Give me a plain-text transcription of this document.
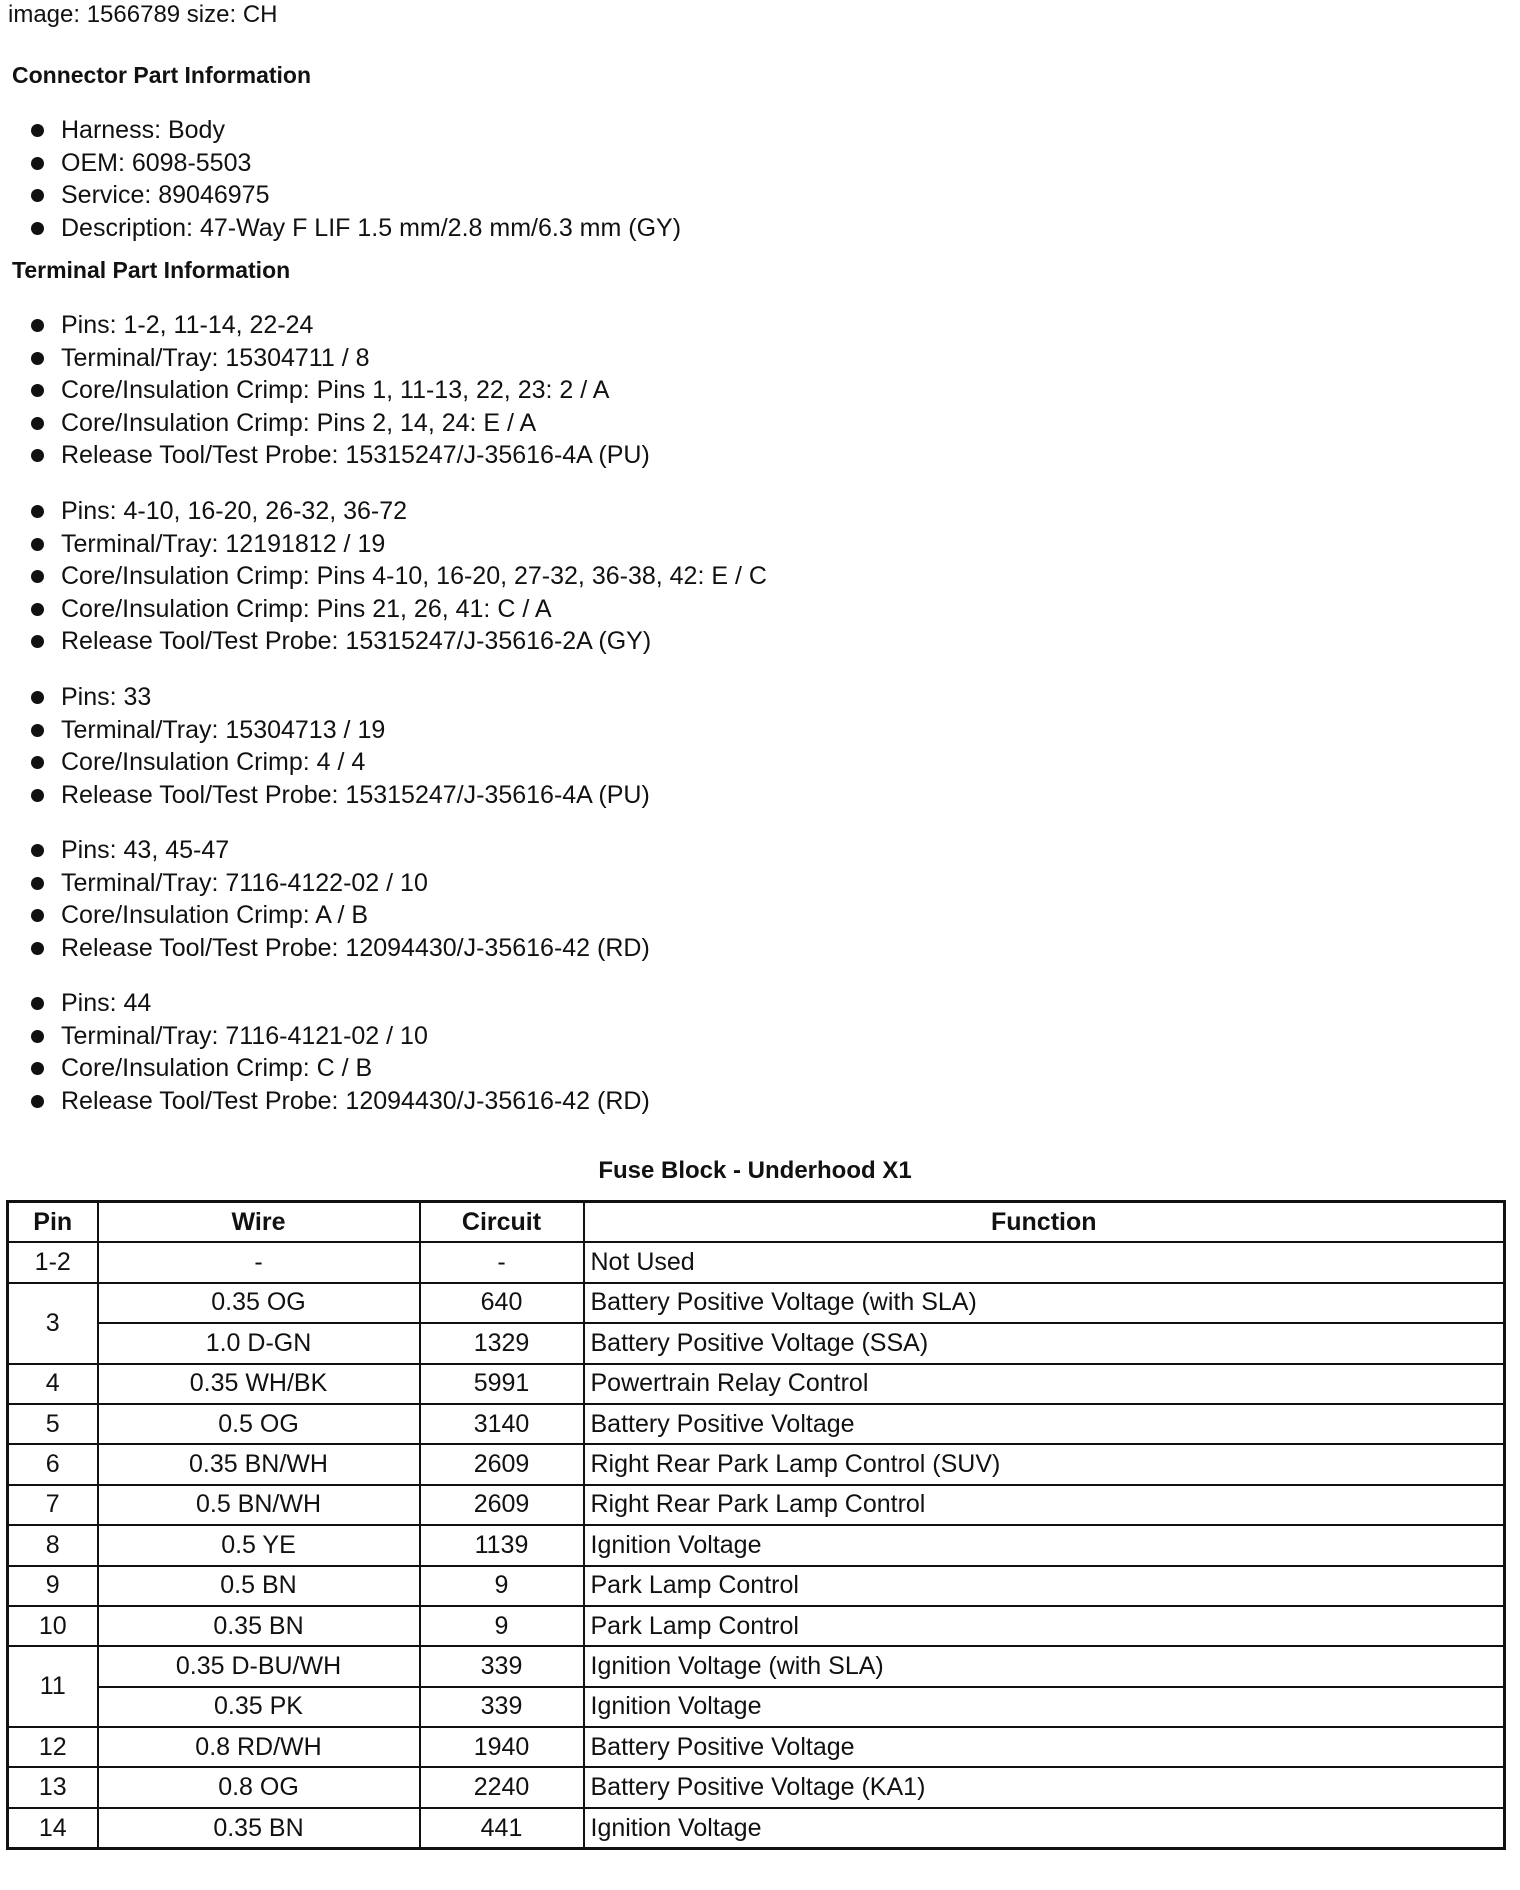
image: 1566789 size: CH
Connector Part Information
Harness: Body
OEM: 6098-5503
Service: 89046975
Description: 47-Way F LIF 1.5 mm/2.8 mm/6.3 mm (GY)
Terminal Part Information
Pins: 1-2, 11-14, 22-24
Terminal/Tray: 15304711 / 8
Core/Insulation Crimp: Pins 1, 11-13, 22, 23: 2 / A
Core/Insulation Crimp: Pins 2, 14, 24: E / A
Release Tool/Test Probe: 15315247/J-35616-4A (PU)
Pins: 4-10, 16-20, 26-32, 36-72
Terminal/Tray: 12191812 / 19
Core/Insulation Crimp: Pins 4-10, 16-20, 27-32, 36-38, 42: E / C
Core/Insulation Crimp: Pins 21, 26, 41: C / A
Release Tool/Test Probe: 15315247/J-35616-2A (GY)
Pins: 33
Terminal/Tray: 15304713 / 19
Core/Insulation Crimp: 4 / 4
Release Tool/Test Probe: 15315247/J-35616-4A (PU)
Pins: 43, 45-47
Terminal/Tray: 7116-4122-02 / 10
Core/Insulation Crimp: A / B
Release Tool/Test Probe: 12094430/J-35616-42 (RD)
Pins: 44
Terminal/Tray: 7116-4121-02 / 10
Core/Insulation Crimp: C / B
Release Tool/Test Probe: 12094430/J-35616-42 (RD)
Fuse Block - Underhood X1
Pin	Wire	Circuit	Function
1-2	-	-	Not Used
3	0.35 OG	640	Battery Positive Voltage (with SLA)
	1.0 D-GN	1329	Battery Positive Voltage (SSA)
4	0.35 WH/BK	5991	Powertrain Relay Control
5	0.5 OG	3140	Battery Positive Voltage
6	0.35 BN/WH	2609	Right Rear Park Lamp Control (SUV)
7	0.5 BN/WH	2609	Right Rear Park Lamp Control
8	0.5 YE	1139	Ignition Voltage
9	0.5 BN	9	Park Lamp Control
10	0.35 BN	9	Park Lamp Control
11	0.35 D-BU/WH	339	Ignition Voltage (with SLA)
	0.35 PK	339	Ignition Voltage
12	0.8 RD/WH	1940	Battery Positive Voltage
13	0.8 OG	2240	Battery Positive Voltage (KA1)
14	0.35 BN	441	Ignition Voltage
